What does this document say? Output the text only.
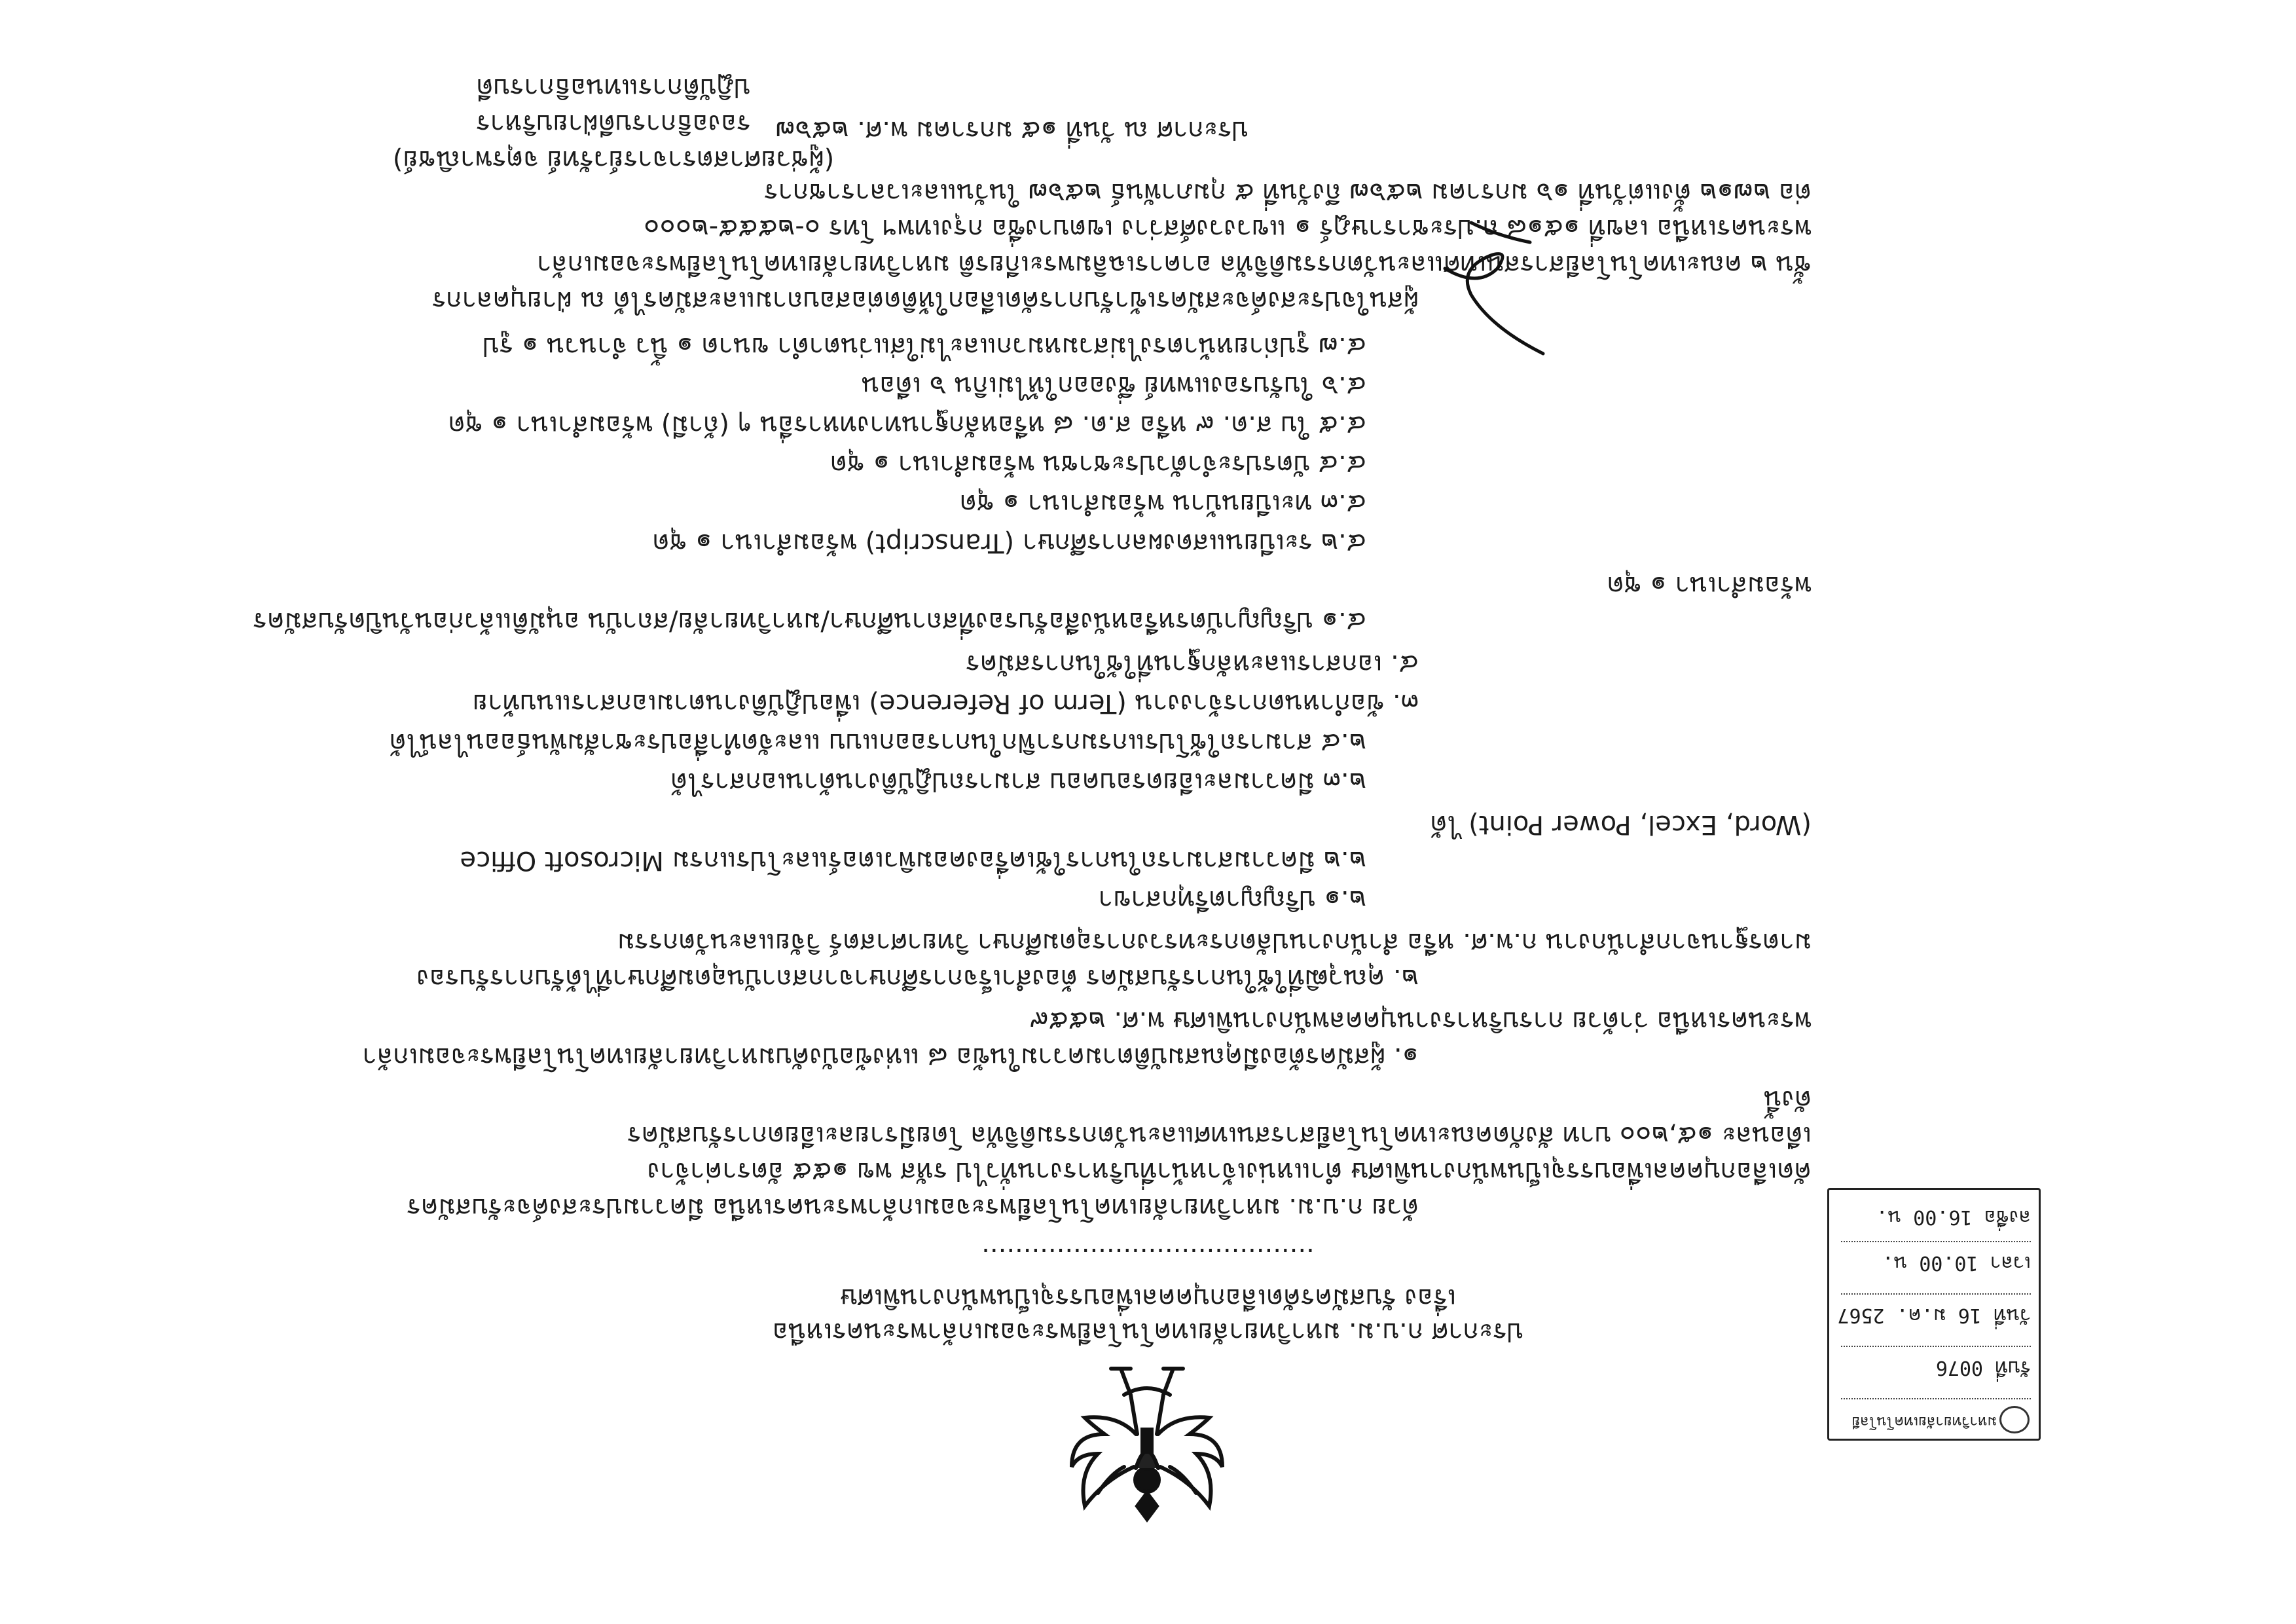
ประกาศ ก.บ.ม. มหาวิทยาลัยเทคโนโลยีพระจอมเกล้าพระนครเหนือ
เรื่อง รับสมัครคัดเลือกบุคคลเพื่อบรรจุเป็นพนักงานพิเศษ
........................................
ด้วย ก.บ.ม. มหาวิทยาลัยเทคโนโลยีพระจอมเกล้าพระนครเหนือ มีความประสงค์จะรับสมัคร
คัดเลือกบุคคลเพื่อบรรจุเป็นพนักงานพิเศษ ตำแหน่งเจ้าหน้าที่บริหารงานทั่วไป รหัส พข ๑๕๕ อัตราค่าจ้าง
เดือนละ ๑๕,๒๐๐ บาท สังกัดคณะเทคโนโลยีสารสนเทศและนวัตกรรมดิจิทัล โดยมีรายละเอียดการรับสมัคร
ดังนี้
๑. ผู้สมัครต้องมีคุณสมบัติตามความในข้อ ๘ แห่งข้อบังคับมหาวิทยาลัยเทคโนโลยีพระจอมเกล้า
พระนครเหนือ ว่าด้วย การบริหารงานบุคคลพนักงานพิเศษ พ.ศ. ๒๕๕๙
๒. คุณวุฒิที่ใช้ในการรับสมัคร ต้องสำเร็จการศึกษาจากสถาบันอุดมศึกษาที่ได้รับการรับรอง
มาตรฐานจากสำนักงาน ก.พ.ศ. หรือ สำนักงานปลัดกระทรวงการอุดมศึกษา วิทยาศาสตร์ วิจัยและนวัตกรรม
๒.๑ ปริญญาตรีทุกสาขา
๒.๒ มีความสามารถในการใช้เครื่องคอมพิวเตอร์และโปรแกรม Microsoft Office
(Word, Excel, Power Point) ได้
๒.๓ มีความละเอียดรอบคอบ สามารถปฏิบัติงานด้านเอกสารได้
๒.๔ สามารถใช้โปรแกรมกราฟิกในการออกแบบ และจัดทำสื่อประชาสัมพันธ์ออนไลน์ได้
๓. ข้อกำหนดการจ้างงาน (Term of Reference) เพื่อปฏิบัติงานตามเอกสารแนบท้าย
๔. เอกสารและหลักฐานที่ใช้ในการสมัคร
๔.๑ ปริญญาบัตรหรือหนังสือรับรองที่สถานศึกษา/มหาวิทยาลัย/สถาบัน อนุมัติแล้วก่อนวันปิดรับสมัคร
พร้อมสำเนา ๑ ชุด
๔.๒ ระเบียนแสดงผลการศึกษา (Transcript) พร้อมสำเนา ๑ ชุด
๔.๓ ทะเบียนบ้าน พร้อมสำเนา ๑ ชุด
๔.๔ บัตรประจำตัวประชาชน พร้อมสำเนา ๑ ชุด
๔.๕ ใบ ส.ด. ๙ หรือ ส.ด. ๘ หรือหลักฐานทางทหารอื่น ๆ (ถ้ามี) พร้อมสำเนา ๑ ชุด
๔.๖ ใบรับรองแพทย์ ซึ่งออกให้ไม่เกิน ๖ เดือน
๔.๗ รูปถ่ายหน้าตรงไม่สวมหมวกและไม่ใส่แว่นตาดำ ขนาด ๑ นิ้ว จำนวน ๑ รูป
ผู้สนใจประสงค์จะสมัครเข้ารับการคัดเลือกให้ติดต่อสอบถามและสมัครได้ ณ ฝ่ายบุคลากร
ชั้น ๒ คณะเทคโนโลยีสารสนเทศและนวัตกรรมดิจิทัล อาคารเฉลิมพระเกียรติ มหาวิทยาลัยเทคโนโลยีพระจอมเกล้า
พระนครเหนือ เลขที่ ๑๕๑๘ ถ.ประชาราษฎร์ ๑ แขวงวงศ์สว่าง เขตบางซื่อ กรุงเทพฯ โทร ๐-๒๕๕๕-๒๐๐๐
ต่อ ๒๗๑๒ ตั้งแต่วันที่ ๑๖ มกราคม ๒๕๖๗ ถึงวันที่ ๕ กุมภาพันธ์ ๒๕๖๗ ในวันและเวลาราชการ
ประกาศ ณ วันที่ ๑๕ มกราคม พ.ศ. ๒๕๖๗
(ผู้ช่วยศาสตราจารย์วรัทย์ จตุรพาณิชย์)
รองอธิการบดีฝ่ายบริหาร
ปฏิบัติการแทนอธิการบดี
มหาวิทยาลัยเทคโนโลยี
รับที่ 0076
วันที่ 16 ม.ค. 2567
เวลา 10.00 น.
ลงชื่อ 16.00 น.
